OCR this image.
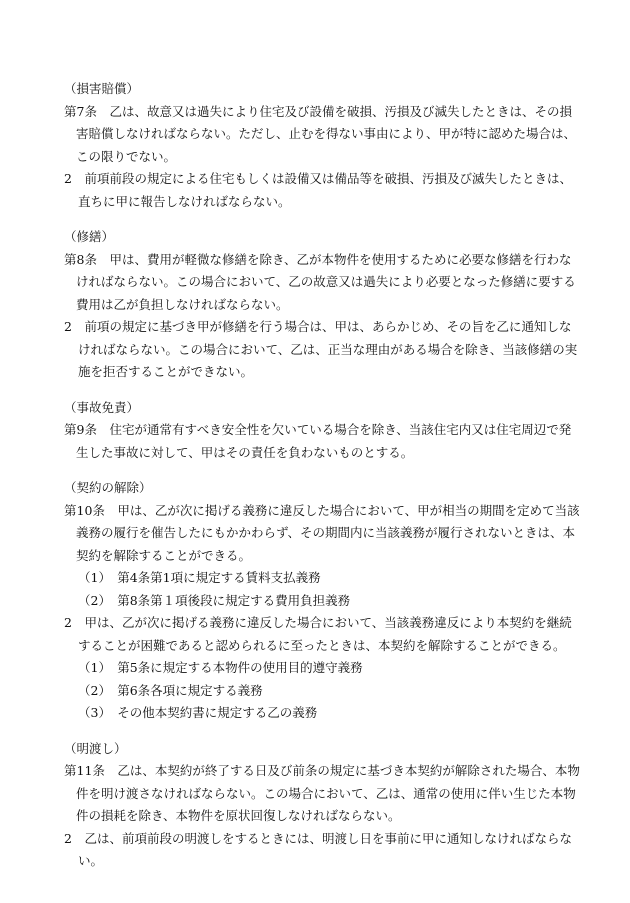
（損害賠償）

第7条　乙は、故意又は過失により住宅及び設備を破損、汚損及び滅失したときは、その損害賠償しなければならない。ただし、止むを得ない事由により、甲が特に認めた場合は、この限りでない。

2　前項前段の規定による住宅もしくは設備又は備品等を破損、汚損及び滅失したときは、直ちに甲に報告しなければならない。

（修繕）

第8条　甲は、費用が軽微な修繕を除き、乙が本物件を使用するために必要な修繕を行わなければならない。この場合において、乙の故意又は過失により必要となった修繕に要する費用は乙が負担しなければならない。

2　前項の規定に基づき甲が修繕を行う場合は、甲は、あらかじめ、その旨を乙に通知しなければならない。この場合において、乙は、正当な理由がある場合を除き、当該修繕の実施を拒否することができない。

（事故免責）

第9条　住宅が通常有すべき安全性を欠いている場合を除き、当該住宅内又は住宅周辺で発生した事故に対して、甲はその責任を負わないものとする。

（契約の解除）

第10条　甲は、乙が次に掲げる義務に違反した場合において、甲が相当の期間を定めて当該義務の履行を催告したにもかかわらず、その期間内に当該義務が履行されないときは、本契約を解除することができる。

（1）　第4条第1項に規定する賃料支払義務

（2）　第8条第１項後段に規定する費用負担義務

2　甲は、乙が次に掲げる義務に違反した場合において、当該義務違反により本契約を継続することが困難であると認められるに至ったときは、本契約を解除することができる。

（1）　第5条に規定する本物件の使用目的遵守義務

（2）　第6条各項に規定する義務

（3）　その他本契約書に規定する乙の義務

（明渡し）

第11条　乙は、本契約が終了する日及び前条の規定に基づき本契約が解除された場合、本物件を明け渡さなければならない。この場合において、乙は、通常の使用に伴い生じた本物件の損耗を除き、本物件を原状回復しなければならない。

2　乙は、前項前段の明渡しをするときには、明渡し日を事前に甲に通知しなければならない。
